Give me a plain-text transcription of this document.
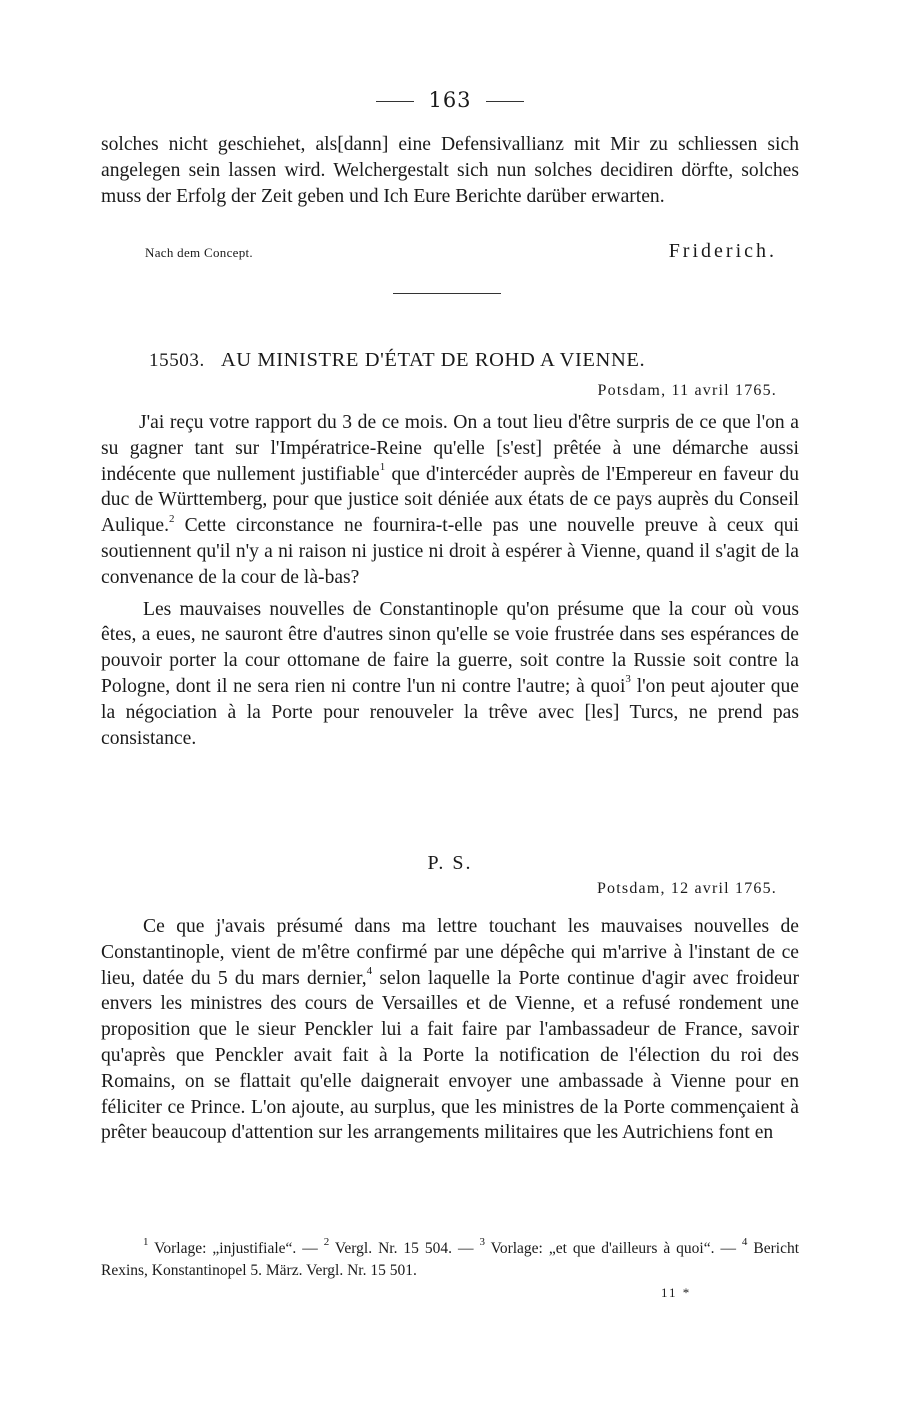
163

solches nicht geschiehet, als[dann] eine Defensivallianz mit Mir zu schliessen sich angelegen sein lassen wird. Welchergestalt sich nun solches decidiren dörfte, solches muss der Erfolg der Zeit geben und Ich Eure Berichte darüber erwarten.

Nach dem Concept.	Friderich.
15503. AU MINISTRE D'ÉTAT DE ROHD A VIENNE.
Potsdam, 11 avril 1765.

J'ai reçu votre rapport du 3 de ce mois. On a tout lieu d'être surpris de ce que l'on a su gagner tant sur l'Impératrice-Reine qu'elle [s'est] prêtée à une démarche aussi indécente que nullement justifiable$^1$ que d'intercéder auprès de l'Empereur en faveur du duc de Württemberg, pour que justice soit déniée aux états de ce pays auprès du Conseil Aulique.$^2$ Cette circonstance ne fournira-t-elle pas une nouvelle preuve à ceux qui soutiennent qu'il n'y a ni raison ni justice ni droit à espérer à Vienne, quand il s'agit de la convenance de la cour de là-bas?

Les mauvaises nouvelles de Constantinople qu'on présume que la cour où vous êtes, a eues, ne sauront être d'autres sinon qu'elle se voie frustrée dans ses espérances de pouvoir porter la cour ottomane de faire la guerre, soit contre la Russie soit contre la Pologne, dont il ne sera rien ni contre l'un ni contre l'autre; à quoi$^3$ l'on peut ajouter que la négociation à la Porte pour renouveler la trêve avec [les] Turcs, ne prend pas consistance.

P. S.
Potsdam, 12 avril 1765.

Ce que j'avais présumé dans ma lettre touchant les mauvaises nouvelles de Constantinople, vient de m'être confirmé par une dépêche qui m'arrive à l'instant de ce lieu, datée du 5 du mars dernier,$^4$ selon laquelle la Porte continue d'agir avec froideur envers les ministres des cours de Versailles et de Vienne, et a refusé rondement une proposition que le sieur Penckler lui a fait faire par l'ambassadeur de France, savoir qu'après que Penckler avait fait à la Porte la notification de l'élection du roi des Romains, on se flattait qu'elle daignerait envoyer une ambassade à Vienne pour en féliciter ce Prince. L'on ajoute, au surplus, que les ministres de la Porte commençaient à prêter beaucoup d'attention sur les arrangements militaires que les Autrichiens font en

$^1$ Vorlage: „injustifiale“. — $^2$ Vergl. Nr. 15 504. — $^3$ Vorlage: „et que d'ailleurs à quoi“. — $^4$ Bericht Rexins, Konstantinopel 5. März. Vergl. Nr. 15 501.

11 *
